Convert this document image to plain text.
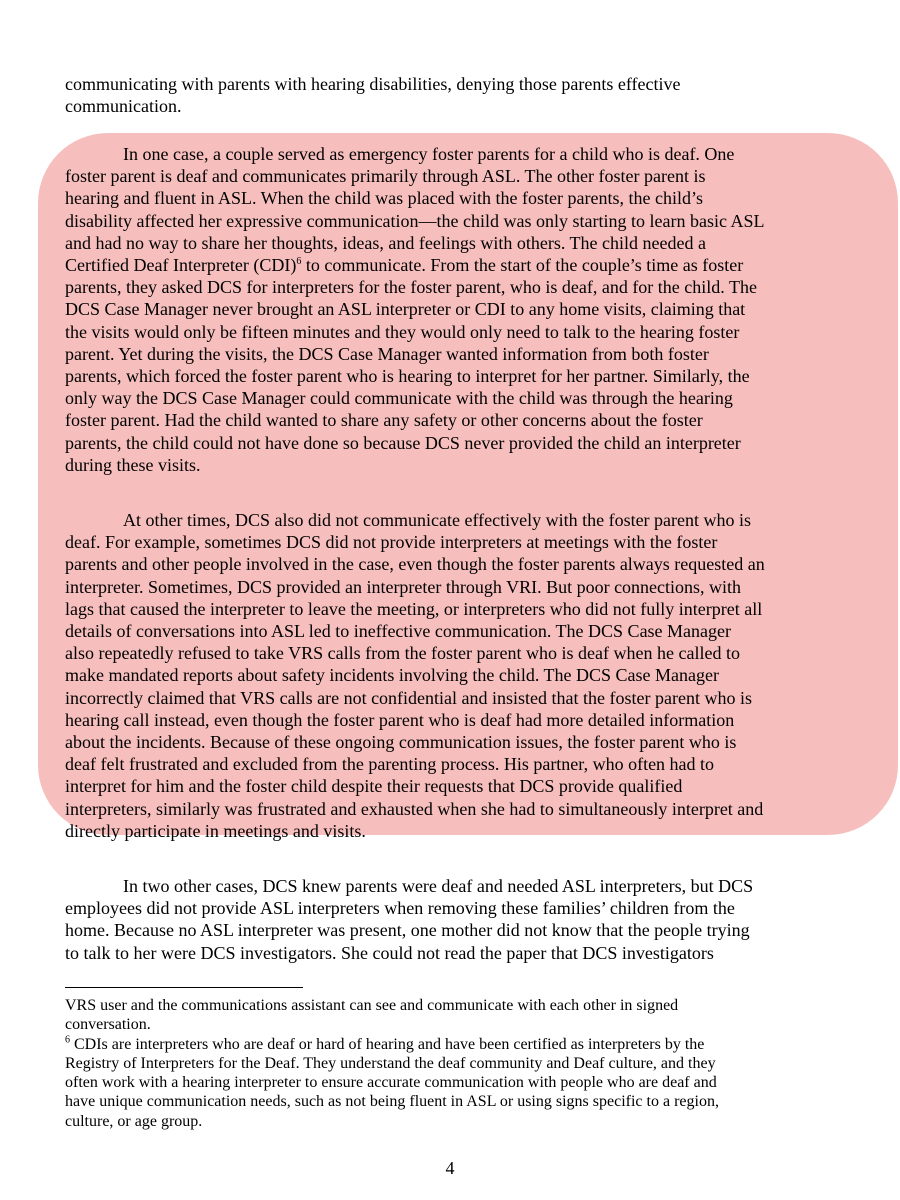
communicating with parents with hearing disabilities, denying those parents effective
communication.
In one case, a couple served as emergency foster parents for a child who is deaf. One
foster parent is deaf and communicates primarily through ASL. The other foster parent is
hearing and fluent in ASL. When the child was placed with the foster parents, the child’s
disability affected her expressive communication—the child was only starting to learn basic ASL
and had no way to share her thoughts, ideas, and feelings with others. The child needed a
Certified Deaf Interpreter (CDI)$^6$ to communicate. From the start of the couple’s time as foster
parents, they asked DCS for interpreters for the foster parent, who is deaf, and for the child. The
DCS Case Manager never brought an ASL interpreter or CDI to any home visits, claiming that
the visits would only be fifteen minutes and they would only need to talk to the hearing foster
parent. Yet during the visits, the DCS Case Manager wanted information from both foster
parents, which forced the foster parent who is hearing to interpret for her partner. Similarly, the
only way the DCS Case Manager could communicate with the child was through the hearing
foster parent. Had the child wanted to share any safety or other concerns about the foster
parents, the child could not have done so because DCS never provided the child an interpreter
during these visits.
At other times, DCS also did not communicate effectively with the foster parent who is
deaf. For example, sometimes DCS did not provide interpreters at meetings with the foster
parents and other people involved in the case, even though the foster parents always requested an
interpreter. Sometimes, DCS provided an interpreter through VRI. But poor connections, with
lags that caused the interpreter to leave the meeting, or interpreters who did not fully interpret all
details of conversations into ASL led to ineffective communication. The DCS Case Manager
also repeatedly refused to take VRS calls from the foster parent who is deaf when he called to
make mandated reports about safety incidents involving the child. The DCS Case Manager
incorrectly claimed that VRS calls are not confidential and insisted that the foster parent who is
hearing call instead, even though the foster parent who is deaf had more detailed information
about the incidents. Because of these ongoing communication issues, the foster parent who is
deaf felt frustrated and excluded from the parenting process. His partner, who often had to
interpret for him and the foster child despite their requests that DCS provide qualified
interpreters, similarly was frustrated and exhausted when she had to simultaneously interpret and
directly participate in meetings and visits.
In two other cases, DCS knew parents were deaf and needed ASL interpreters, but DCS
employees did not provide ASL interpreters when removing these families’ children from the
home. Because no ASL interpreter was present, one mother did not know that the people trying
to talk to her were DCS investigators. She could not read the paper that DCS investigators
VRS user and the communications assistant can see and communicate with each other in signed
conversation.
$^6$ CDIs are interpreters who are deaf or hard of hearing and have been certified as interpreters by the
Registry of Interpreters for the Deaf. They understand the deaf community and Deaf culture, and they
often work with a hearing interpreter to ensure accurate communication with people who are deaf and
have unique communication needs, such as not being fluent in ASL or using signs specific to a region,
culture, or age group.
4
